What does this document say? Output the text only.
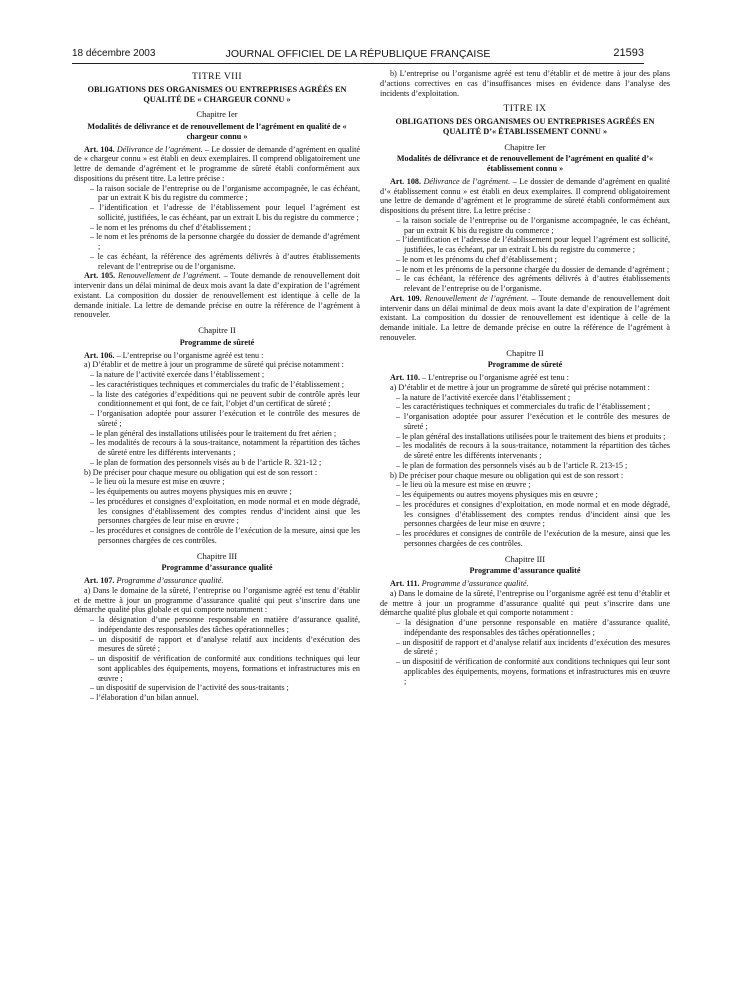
18 décembre 2003	JOURNAL OFFICIEL DE LA RÉPUBLIQUE FRANÇAISE	21593
TITRE VIII
OBLIGATIONS DES ORGANISMES OU ENTREPRISES AGRÉÉS EN QUALITÉ DE « CHARGEUR CONNU »
Chapitre Ier
Modalités de délivrance et de renouvellement de l’agrément en qualité de « chargeur connu »

Art. 104. Délivrance de l’agrément. – Le dossier de demande d’agrément en qualité de « chargeur connu » est établi en deux exemplaires. Il comprend obligatoirement une lettre de demande d’agrément et le programme de sûreté établi conformément aux dispositions du présent titre. La lettre précise :

– la raison sociale de l’entreprise ou de l’organisme accompagnée, le cas échéant, par un extrait K bis du registre du commerce ;
– l’identification et l’adresse de l’établissement pour lequel l’agrément est sollicité, justifiées, le cas échéant, par un extrait L bis du registre du commerce ;
– le nom et les prénoms du chef d’établissement ;
– le nom et les prénoms de la personne chargée du dossier de demande d’agrément ;
– le cas échéant, la référence des agréments délivrés à d’autres établissements relevant de l’entreprise ou de l’organisme.

Art. 105. Renouvellement de l’agrément. – Toute demande de renouvellement doit intervenir dans un délai minimal de deux mois avant la date d’expiration de l’agrément existant. La composition du dossier de renouvellement est identique à celle de la demande initiale. La lettre de demande précise en outre la référence de l’agrément à renouveler.

Chapitre II
Programme de sûreté

Art. 106. – L’entreprise ou l’organisme agréé est tenu :

a) D’établir et de mettre à jour un programme de sûreté qui précise notamment :

– la nature de l’activité exercée dans l’établissement ;
– les caractéristiques techniques et commerciales du trafic de l’établissement ;
– la liste des catégories d’expéditions qui ne peuvent subir de contrôle après leur conditionnement et qui font, de ce fait, l’objet d’un certificat de sûreté ;
– l’organisation adoptée pour assurer l’exécution et le contrôle des mesures de sûreté ;
– le plan général des installations utilisées pour le traitement du fret aérien ;
– les modalités de recours à la sous-traitance, notamment la répartition des tâches de sûreté entre les différents intervenants ;
– le plan de formation des personnels visés au b de l’article R. 321-12 ;

b) De préciser pour chaque mesure ou obligation qui est de son ressort :

– le lieu où la mesure est mise en œuvre ;
– les équipements ou autres moyens physiques mis en œuvre ;
– les procédures et consignes d’exploitation, en mode normal et en mode dégradé, les consignes d’établissement des comptes rendus d’incident ainsi que les personnes chargées de leur mise en œuvre ;
– les procédures et consignes de contrôle de l’exécution de la mesure, ainsi que les personnes chargées de ces contrôles.
Chapitre III
Programme d’assurance qualité

Art. 107. Programme d’assurance qualité.

a) Dans le domaine de la sûreté, l’entreprise ou l’organisme agréé est tenu d’établir et de mettre à jour un programme d’assurance qualité qui peut s’inscrire dans une démarche qualité plus globale et qui comporte notamment :

– la désignation d’une personne responsable en matière d’assurance qualité, indépendante des responsables des tâches opérationnelles ;
– un dispositif de rapport et d’analyse relatif aux incidents d’exécution des mesures de sûreté ;
– un dispositif de vérification de conformité aux conditions techniques qui leur sont applicables des équipements, moyens, formations et infrastructures mis en œuvre ;
– un dispositif de supervision de l’activité des sous-traitants ;
– l’élaboration d’un bilan annuel.

b) L’entreprise ou l’organisme agréé est tenu d’établir et de mettre à jour des plans d’actions correctives en cas d’insuffisances mises en évidence dans l’analyse des incidents d’exploitation.

TITRE IX
OBLIGATIONS DES ORGANISMES OU ENTREPRISES AGRÉÉS EN QUALITÉ D’« ÉTABLISSEMENT CONNU »
Chapitre Ier
Modalités de délivrance et de renouvellement de l’agrément en qualité d’« établissement connu »

Art. 108. Délivrance de l’agrément. – Le dossier de demande d’agrément en qualité d’« établissement connu » est établi en deux exemplaires. Il comprend obligatoirement une lettre de demande d’agrément et le programme de sûreté établi conformément aux dispositions du présent titre. La lettre précise :

– la raison sociale de l’entreprise ou de l’organisme accompagnée, le cas échéant, par un extrait K bis du registre du commerce ;
– l’identification et l’adresse de l’établissement pour lequel l’agrément est sollicité, justifiées, le cas échéant, par un extrait L bis du registre du commerce ;
– le nom et les prénoms du chef d’établissement ;
– le nom et les prénoms de la personne chargée du dossier de demande d’agrément ;
– le cas échéant, la référence des agréments délivrés à d’autres établissements relevant de l’entreprise ou de l’organisme.

Art. 109. Renouvellement de l’agrément. – Toute demande de renouvellement doit intervenir dans un délai minimal de deux mois avant la date d’expiration de l’agrément existant. La composition du dossier de renouvellement est identique à celle de la demande initiale. La lettre de demande précise en outre la référence de l’agrément à renouveler.

Chapitre II
Programme de sûreté

Art. 110. – L’entreprise ou l’organisme agréé est tenu :

a) D’établir et de mettre à jour un programme de sûreté qui précise notamment :

– la nature de l’activité exercée dans l’établissement ;
– les caractéristiques techniques et commerciales du trafic de l’établissement ;
– l’organisation adoptée pour assurer l’exécution et le contrôle des mesures de sûreté ;
– le plan général des installations utilisées pour le traitement des biens et produits ;
– les modalités de recours à la sous-traitance, notamment la répartition des tâches de sûreté entre les différents intervenants ;
– le plan de formation des personnels visés au b de l’article R. 213-15 ;

b) De préciser pour chaque mesure ou obligation qui est de son ressort :

– le lieu où la mesure est mise en œuvre ;
– les équipements ou autres moyens physiques mis en œuvre ;
– les procédures et consignes d’exploitation, en mode normal et en mode dégradé, les consignes d’établissement des comptes rendus d’incident ainsi que les personnes chargées de leur mise en œuvre ;
– les procédures et consignes de contrôle de l’exécution de la mesure, ainsi que les personnes chargées de ces contrôles.
Chapitre III
Programme d’assurance qualité

Art. 111. Programme d’assurance qualité.

a) Dans le domaine de la sûreté, l’entreprise ou l’organisme agréé est tenu d’établir et de mettre à jour un programme d’assurance qualité qui peut s’inscrire dans une démarche qualité plus globale et qui comporte notamment :

– la désignation d’une personne responsable en matière d’assurance qualité, indépendante des responsables des tâches opérationnelles ;
– un dispositif de rapport et d’analyse relatif aux incidents d’exécution des mesures de sûreté ;
– un dispositif de vérification de conformité aux conditions techniques qui leur sont applicables des équipements, moyens, formations et infrastructures mis en œuvre ;
